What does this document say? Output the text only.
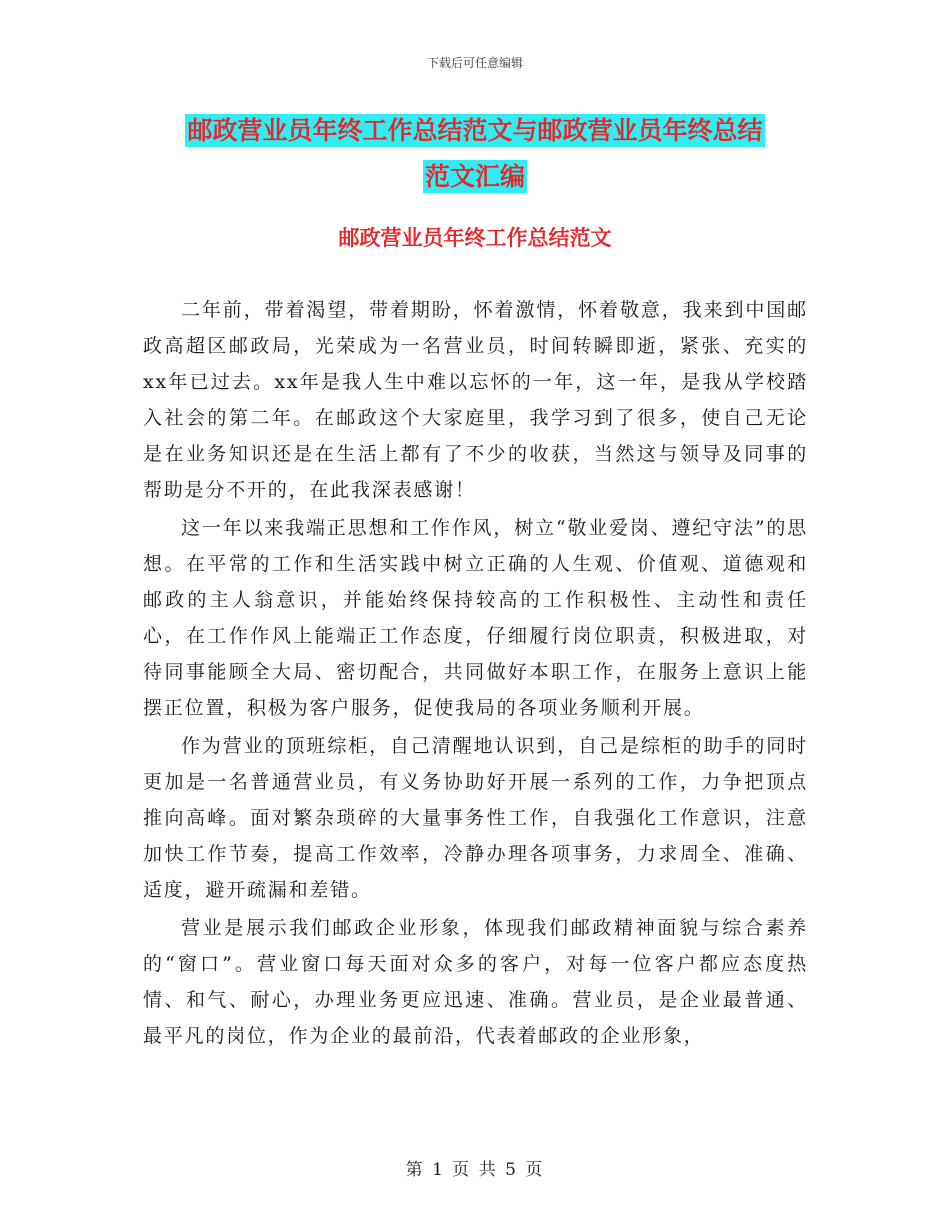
下载后可任意编辑
邮政营业员年终工作总结范文与邮政营业员年终总结
范文汇编
邮政营业员年终工作总结范文

二年前，带着渴望，带着期盼，怀着激情，怀着敬意，我来到中国邮政高超区邮政局，光荣成为一名营业员，时间转瞬即逝，紧张、充实的xx年已过去。xx年是我人生中难以忘怀的一年，这一年，是我从学校踏入社会的第二年。在邮政这个大家庭里，我学习到了很多，使自己无论是在业务知识还是在生活上都有了不少的收获，当然这与领导及同事的帮助是分不开的，在此我深表感谢！

这一年以来我端正思想和工作作风，树立“敬业爱岗、遵纪守法”的思想。在平常的工作和生活实践中树立正确的人生观、价值观、道德观和邮政的主人翁意识，并能始终保持较高的工作积极性、主动性和责任心，在工作作风上能端正工作态度，仔细履行岗位职责，积极进取，对待同事能顾全大局、密切配合，共同做好本职工作，在服务上意识上能摆正位置，积极为客户服务，促使我局的各项业务顺利开展。

作为营业的顶班综柜，自己清醒地认识到，自己是综柜的助手的同时更加是一名普通营业员，有义务协助好开展一系列的工作，力争把顶点推向高峰。面对繁杂琐碎的大量事务性工作，自我强化工作意识，注意加快工作节奏，提高工作效率，冷静办理各项事务，力求周全、准确、适度，避开疏漏和差错。

营业是展示我们邮政企业形象，体现我们邮政精神面貌与综合素养的“窗口”。营业窗口每天面对众多的客户，对每一位客户都应态度热情、和气、耐心，办理业务更应迅速、准确。营业员，是企业最普通、最平凡的岗位，作为企业的最前沿，代表着邮政的企业形象，

第 1 页 共 5 页
